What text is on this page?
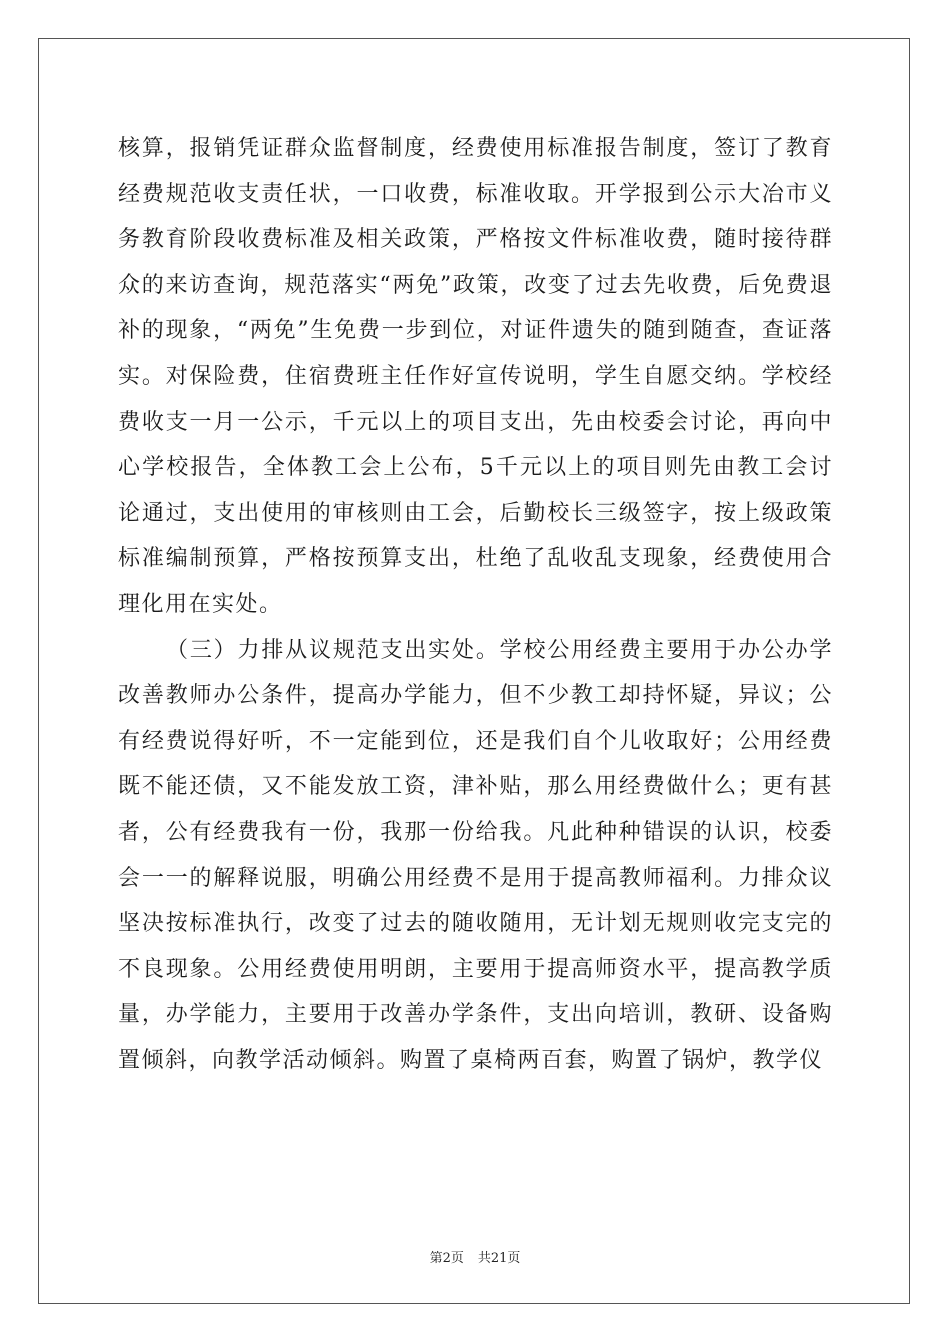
核算，报销凭证群众监督制度，经费使用标准报告制度，签订了教育经费规范收支责任状，一口收费，标准收取。开学报到公示大冶市义务教育阶段收费标准及相关政策，严格按文件标准收费，随时接待群众的来访查询，规范落实“两免”政策，改变了过去先收费，后免费退补的现象，“两免”生免费一步到位，对证件遗失的随到随查，查证落实。对保险费，住宿费班主任作好宣传说明，学生自愿交纳。学校经费收支一月一公示，千元以上的项目支出，先由校委会讨论，再向中心学校报告，全体教工会上公布，5千元以上的项目则先由教工会讨论通过，支出使用的审核则由工会，后勤校长三级签字，按上级政策标准编制预算，严格按预算支出，杜绝了乱收乱支现象，经费使用合理化用在实处。

（三）力排从议规范支出实处。学校公用经费主要用于办公办学改善教师办公条件，提高办学能力，但不少教工却持怀疑，异议；公有经费说得好听，不一定能到位，还是我们自个儿收取好；公用经费既不能还债，又不能发放工资，津补贴，那么用经费做什么；更有甚者，公有经费我有一份，我那一份给我。凡此种种错误的认识，校委会一一的解释说服，明确公用经费不是用于提高教师福利。力排众议坚决按标准执行，改变了过去的随收随用，无计划无规则收完支完的不良现象。公用经费使用明朗，主要用于提高师资水平，提高教学质量，办学能力，主要用于改善办学条件，支出向培训，教研、设备购置倾斜，向教学活动倾斜。购置了桌椅两百套，购置了锅炉，教学仪

第2页 共21页
